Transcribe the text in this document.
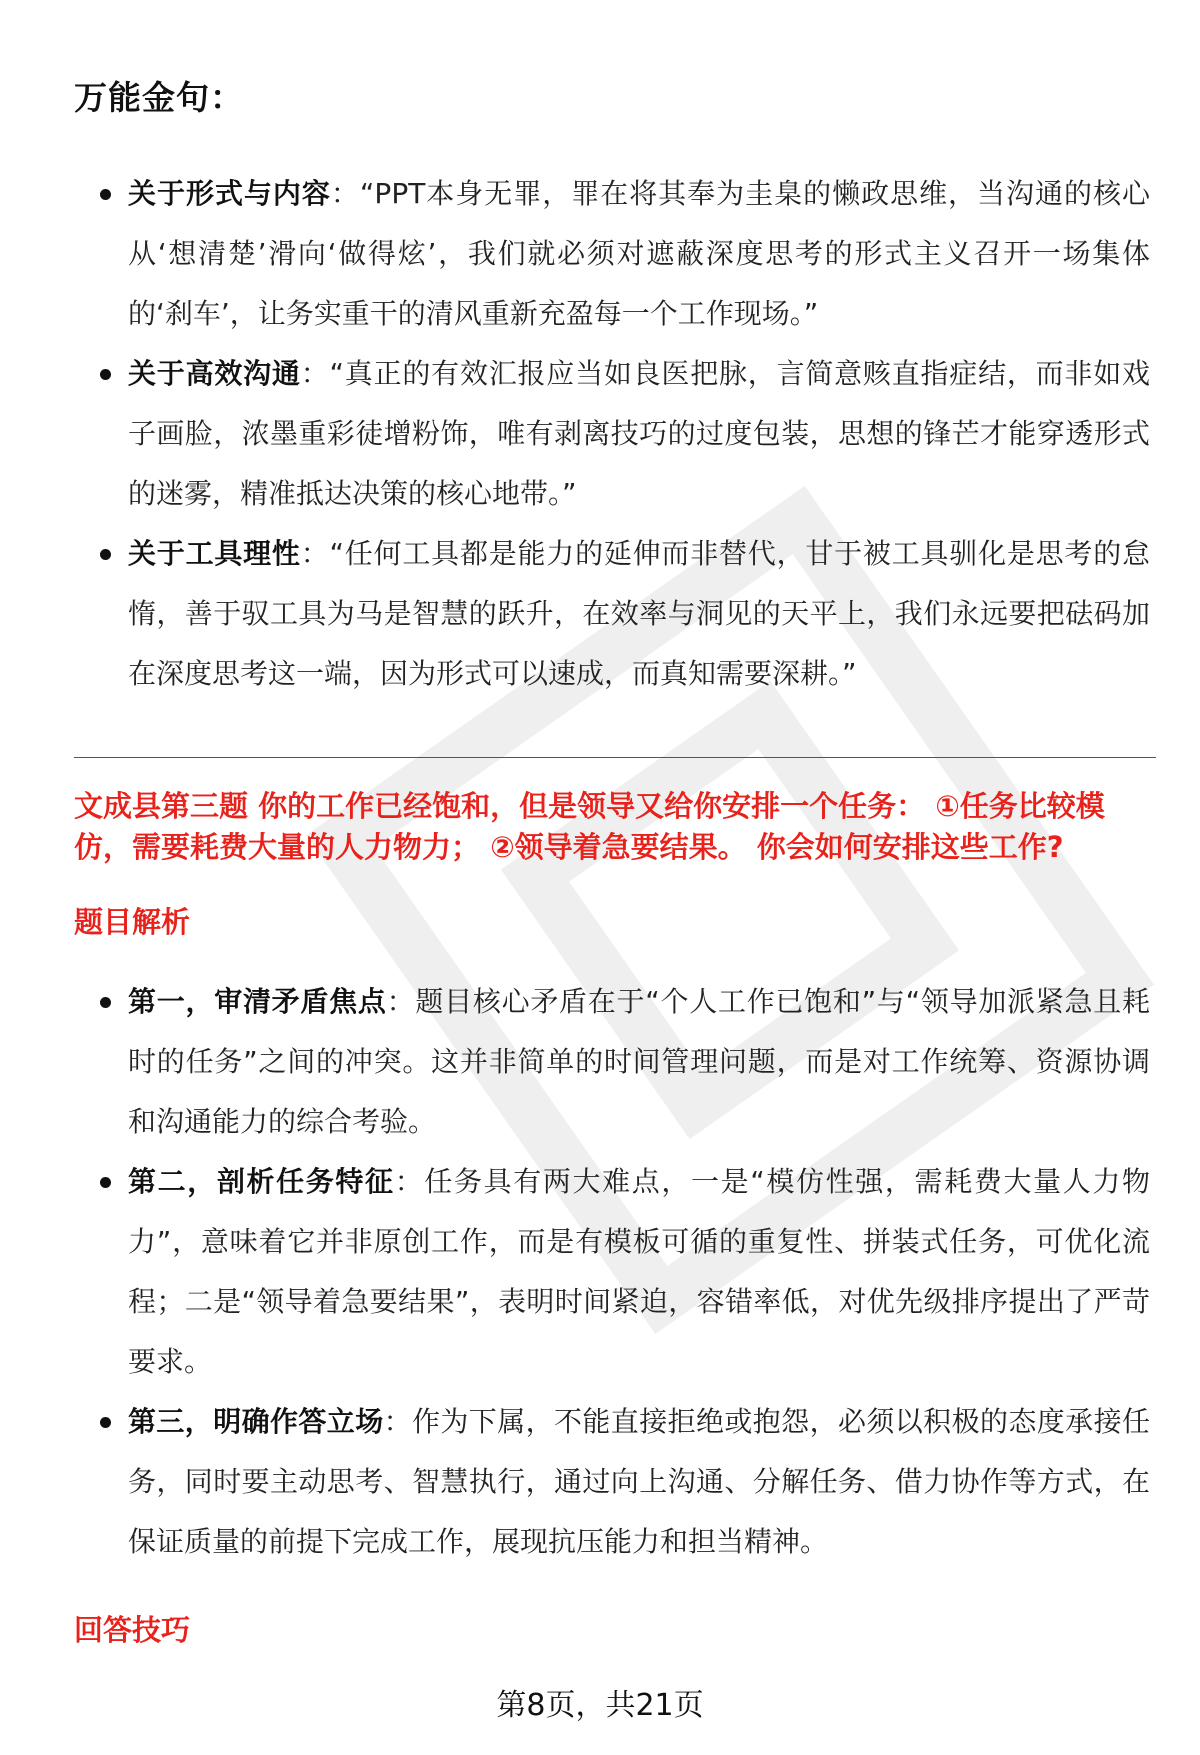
万能金句：
关于形式与内容：“PPT本身无罪，罪在将其奉为圭臬的懒政思维，当沟通的核心从‘想清楚’滑向‘做得炫’，我们就必须对遮蔽深度思考的形式主义召开一场集体的‘刹车’，让务实重干的清风重新充盈每一个工作现场。”
关于高效沟通：“真正的有效汇报应当如良医把脉，言简意赅直指症结，而非如戏子画脸，浓墨重彩徒增粉饰，唯有剥离技巧的过度包装，思想的锋芒才能穿透形式的迷雾，精准抵达决策的核心地带。”
关于工具理性：“任何工具都是能力的延伸而非替代，甘于被工具驯化是思考的怠惰，善于驭工具为马是智慧的跃升，在效率与洞见的天平上，我们永远要把砝码加在深度思考这一端，因为形式可以速成，而真知需要深耕。”
文成县第三题 你的工作已经饱和，但是领导又给你安排一个任务： ①任务比较模仿，需要耗费大量的人力物力； ②领导着急要结果。 你会如何安排这些工作?
题目解析
第一，审清矛盾焦点：题目核心矛盾在于“个人工作已饱和”与“领导加派紧急且耗时的任务”之间的冲突。这并非简单的时间管理问题，而是对工作统筹、资源协调和沟通能力的综合考验。
第二，剖析任务特征：任务具有两大难点，一是“模仿性强，需耗费大量人力物力”，意味着它并非原创工作，而是有模板可循的重复性、拼装式任务，可优化流程；二是“领导着急要结果”，表明时间紧迫，容错率低，对优先级排序提出了严苛要求。
第三，明确作答立场：作为下属，不能直接拒绝或抱怨，必须以积极的态度承接任务，同时要主动思考、智慧执行，通过向上沟通、分解任务、借力协作等方式，在保证质量的前提下完成工作，展现抗压能力和担当精神。
回答技巧
第8页，共21页
